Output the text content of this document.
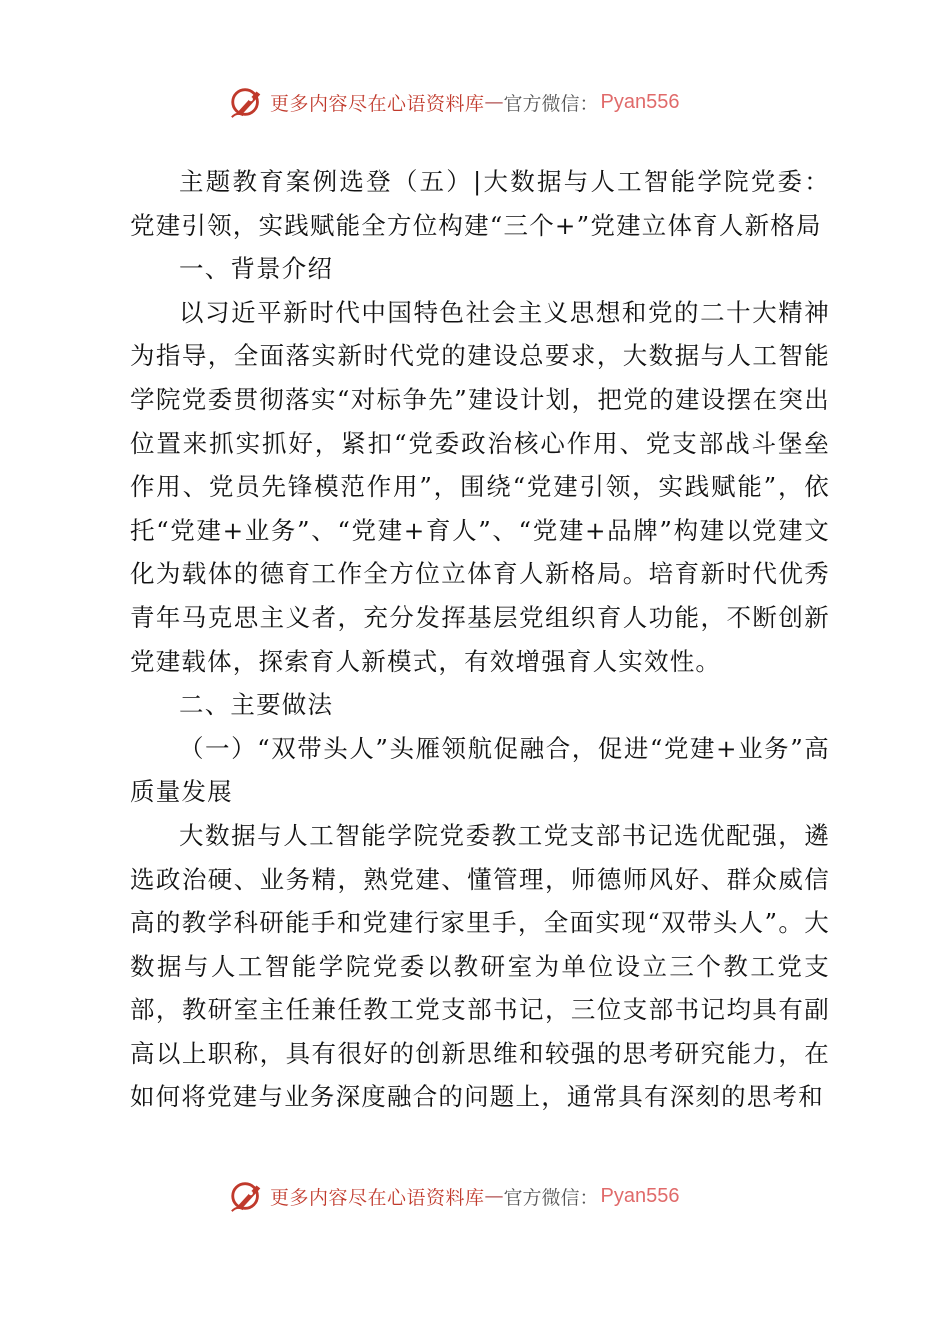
更多内容尽在心语资料库 — 官方微信： Pyan556

主题教育案例选登（五）|大数据与人工智能学院党委：党建引领，实践赋能全方位构建“三个+”党建立体育人新格局

一、背景介绍

以习近平新时代中国特色社会主义思想和党的二十大精神为指导，全面落实新时代党的建设总要求，大数据与人工智能学院党委贯彻落实“对标争先”建设计划，把党的建设摆在突出位置来抓实抓好，紧扣“党委政治核心作用、党支部战斗堡垒作用、党员先锋模范作用”，围绕“党建引领，实践赋能”，依托“党建+业务”、“党建+育人”、“党建+品牌”构建以党建文化为载体的德育工作全方位立体育人新格局。培育新时代优秀青年马克思主义者，充分发挥基层党组织育人功能，不断创新党建载体，探索育人新模式，有效增强育人实效性。

二、主要做法

（一）“双带头人”头雁领航促融合，促进“党建+业务”高质量发展

大数据与人工智能学院党委教工党支部书记选优配强，遴选政治硬、业务精，熟党建、懂管理，师德师风好、群众威信高的教学科研能手和党建行家里手，全面实现“双带头人”。大数据与人工智能学院党委以教研室为单位设立三个教工党支部，教研室主任兼任教工党支部书记，三位支部书记均具有副高以上职称，具有很好的创新思维和较强的思考研究能力，在如何将党建与业务深度融合的问题上，通常具有深刻的思考和

更多内容尽在心语资料库 — 官方微信： Pyan556
